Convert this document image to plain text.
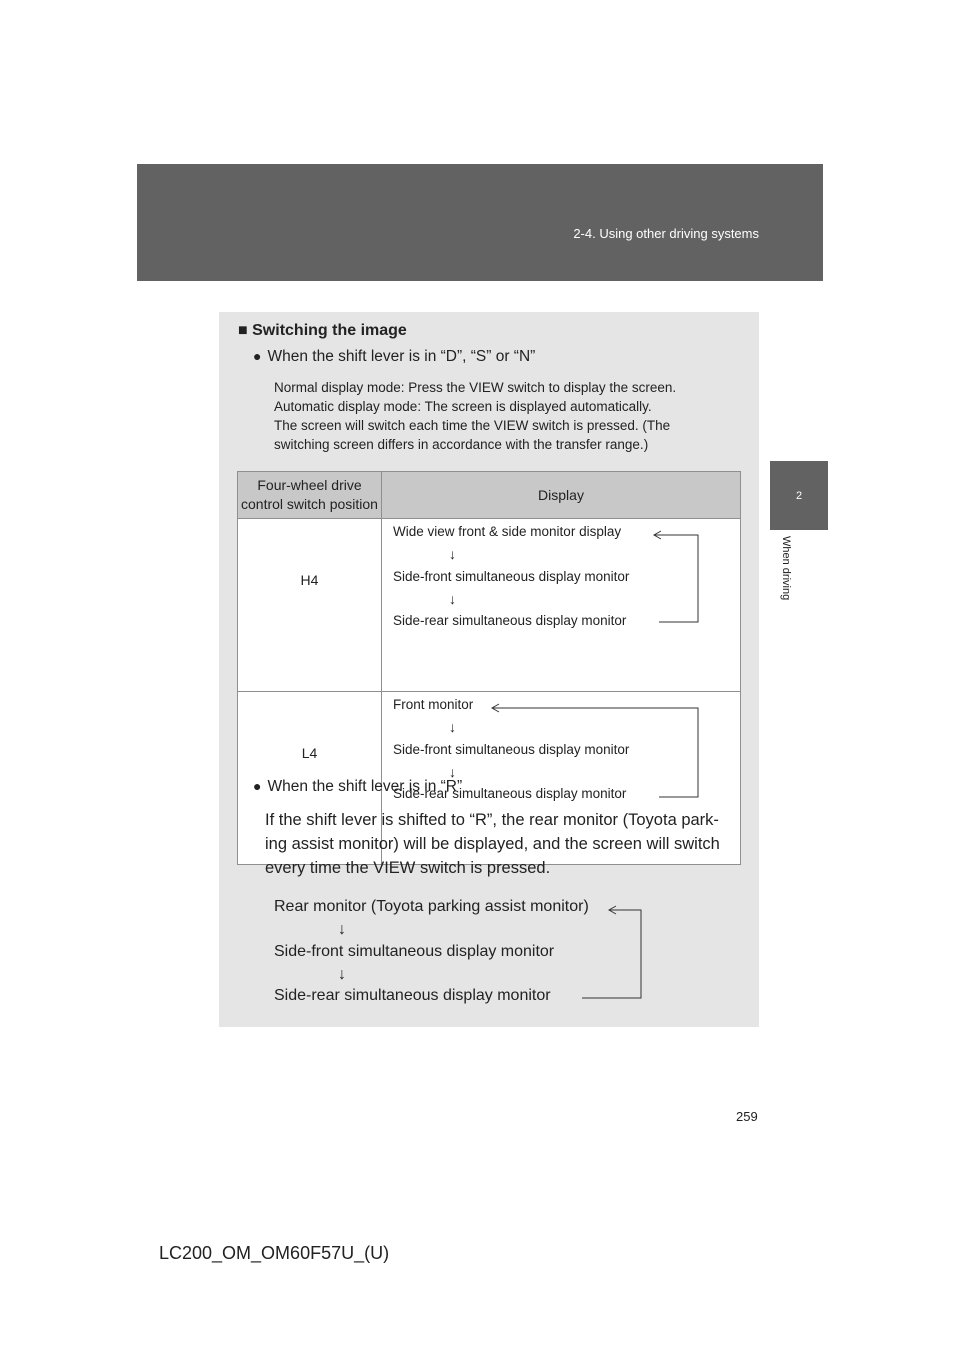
2-4. Using other driving systems
2
When driving
■ Switching the image
● When the shift lever is in “D”, “S” or “N”
Normal display mode: Press the VIEW switch to display the screen.
Automatic display mode: The screen is displayed automatically.
The screen will switch each time the VIEW switch is pressed. (The
switching screen differs in accordance with the transfer range.)
Four-wheel drive
control switch position	Display
H4	Wide view front & side monitor display
↓
Side-front simultaneous display monitor
↓
Side-rear simultaneous display monitor

L4	Front monitor
↓
Side-front simultaneous display monitor
↓
Side-rear simultaneous display monitor
● When the shift lever is in “R”
If the shift lever is shifted to “R”, the rear monitor (Toyota park-
ing assist monitor) will be displayed, and the screen will switch
every time the VIEW switch is pressed.
Rear monitor (Toyota parking assist monitor)
↓
Side-front simultaneous display monitor
↓
Side-rear simultaneous display monitor
259
LC200_OM_OM60F57U_(U)
